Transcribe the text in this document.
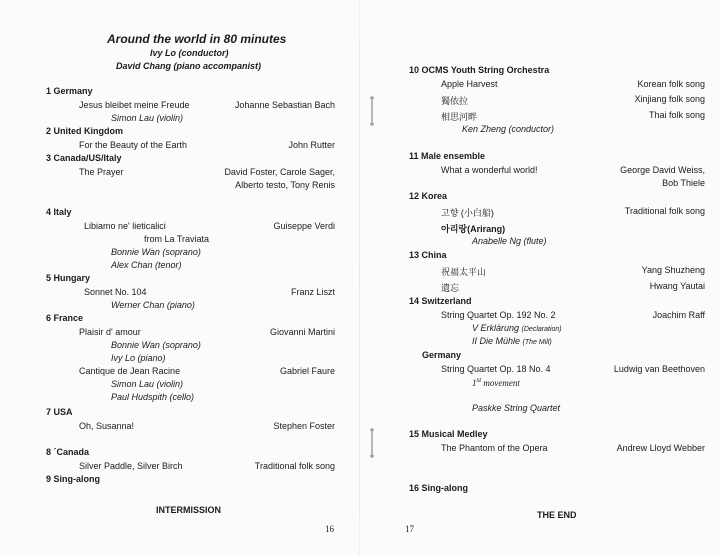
Around the world in 80 minutes
Ivy Lo (conductor)
David Chang (piano accompanist)
1 Germany
Jesus bleibet meine Freude	Johanne Sebastian Bach
Simon Lau (violin)
2 United Kingdom
For the Beauty of the Earth	John Rutter
3 Canada/US/Italy
The Prayer	David Foster, Carole Sager,
Alberto testo, Tony Renis
4 Italy
Libiamo ne' lieticalici	Guiseppe Verdi
from La Traviata
Bonnie Wan (soprano)
Alex Chan (tenor)
5 Hungary
Sonnet No. 104	Franz Liszt
Werner Chan (piano)
6 France
Plaisir d' amour	Giovanni Martini
Bonnie Wan (soprano)
Ivy Lo (piano)
Cantique de Jean Racine	Gabriel Faure
Simon Lau (violin)
Paul Hudspith (cello)
7 USA
Oh, Susanna!	Stephen Foster
8 ´Canada
Silver Paddle, Silver Birch	Traditional folk song
9 Sing-along
INTERMISSION
16
10 OCMS Youth String Orchestra
Apple Harvest	Korean folk song
獨依拉	Xinjiang folk song
相思河畔	Thai folk song
Ken Zheng (conductor)
11 Male ensemble
What a wonderful world!	George David Weiss,
Bob Thiele
12 Korea
고향 (小白船)	Traditional folk song
아리랑(Arirang)
Anabelle Ng (flute)
13 China
祝福太平山	Yang Shuzheng
遺忘	Hwang Yautai
14 Switzerland
String Quartet Op. 192 No. 2	Joachim Raff
V Erklärung (Declaration)
II Die Mühle (The Mill)
Germany
String Quartet Op. 18 No. 4	Ludwig van Beethoven
1st movement
Paskke String Quartet
15 Musical Medley
The Phantom of the Opera	Andrew Lloyd Webber
16 Sing-along
THE END
17
